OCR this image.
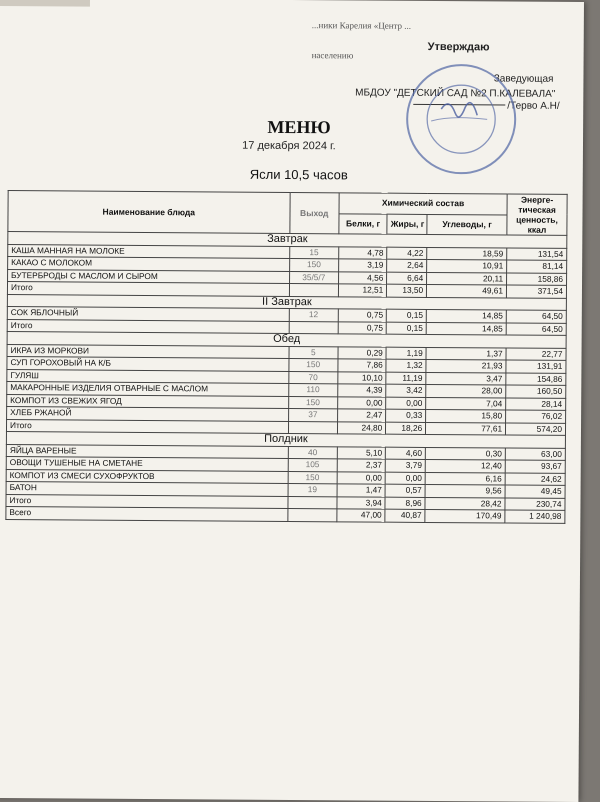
...ники Карелия «Центр ...

населению

Утверждаю
Заведующая
МБДОУ "ДЕТСКИЙ САД №2 П.КАЛЕВАЛА"
/Терво А.Н/
МЕНЮ
17 декабря 2024 г.
Ясли 10,5 часов
Наименование блюда	Выход	Химический состав			Энерге-тическая ценность, ккал
		Белки, г	Жиры, г	Углеводы, г	
Завтрак					
КАША МАННАЯ НА МОЛОКЕ	15	4,78	4,22	18,59	131,54
КАКАО С МОЛОКОМ	150	3,19	2,64	10,91	81,14
БУТЕРБРОДЫ С МАСЛОМ И СЫРОМ	35/5/7	4,56	6,64	20,11	158,86
Итого		12,51	13,50	49,61	371,54
II Завтрак					
СОК ЯБЛОЧНЫЙ	12	0,75	0,15	14,85	64,50
Итого		0,75	0,15	14,85	64,50
Обед					
ИКРА ИЗ МОРКОВИ	5	0,29	1,19	1,37	22,77
СУП ГОРОХОВЫЙ НА К/Б	150	7,86	1,32	21,93	131,91
ГУЛЯШ	70	10,10	11,19	3,47	154,86
МАКАРОННЫЕ ИЗДЕЛИЯ ОТВАРНЫЕ С МАСЛОМ	110	4,39	3,42	28,00	160,50
КОМПОТ ИЗ СВЕЖИХ ЯГОД	150	0,00	0,00	7,04	28,14
ХЛЕБ РЖАНОЙ	37	2,47	0,33	15,80	76,02
Итого		24,80	18,26	77,61	574,20
Полдник					
ЯЙЦА ВАРЕНЫЕ	40	5,10	4,60	0,30	63,00
ОВОЩИ ТУШЕНЫЕ НА СМЕТАНЕ	105	2,37	3,79	12,40	93,67
КОМПОТ ИЗ СМЕСИ СУХОФРУКТОВ	150	0,00	0,00	6,16	24,62
БАТОН	19	1,47	0,57	9,56	49,45
Итого		3,94	8,96	28,42	230,74
Всего		47,00	40,87	170,49	1 240,98
